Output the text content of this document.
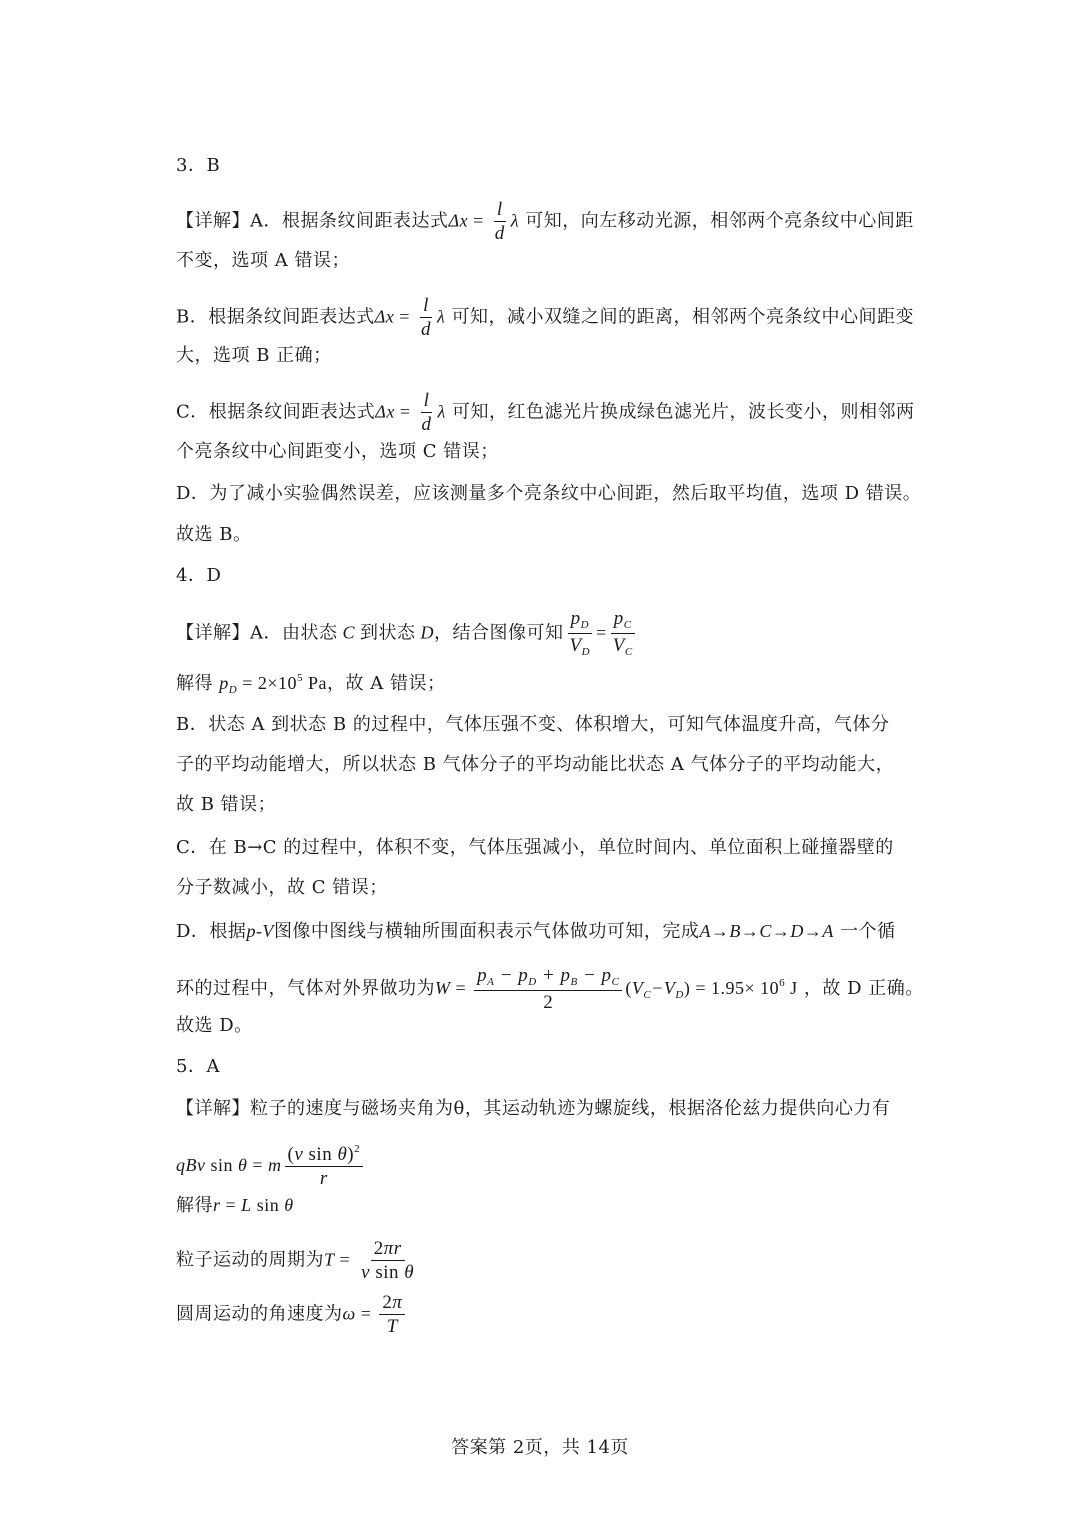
3．B
【详解】A．根据条纹间距表达式$\Delta x = \frac{l}{d}$ λ 可知，向左移动光源，相邻两个亮条纹中心间距
不变，选项 A 错误；
B．根据条纹间距表达式$\Delta x = \frac{l}{d}$ λ 可知，减小双缝之间的距离，相邻两个亮条纹中心间距变
大，选项 B 正确；
C．根据条纹间距表达式$\Delta x = \frac{l}{d}$ λ 可知，红色滤光片换成绿色滤光片，波长变小，则相邻两
个亮条纹中心间距变小，选项 C 错误；
D．为了减小实验偶然误差，应该测量多个亮条纹中心间距，然后取平均值，选项 D 错误。
故选 B。
4．D
【详解】A．由状态 C 到状态 D，结合图像可知 $\frac{p_D}{V_D} = \frac{p_C}{V_C}$
解得 $p_D = 2\times 10^5$ Pa，故 A 错误；
B．状态 A 到状态 B 的过程中，气体压强不变、体积增大，可知气体温度升高，气体分子的平均动能增大，所以状态 B 气体分子的平均动能比状态 A 气体分子的平均动能大，故 B 错误；
C．在 B→C 的过程中，体积不变，气体压强减小，单位时间内、单位面积上碰撞器壁的分子数减小，故 C 错误；
D．根据p-V图像中图线与横轴所围面积表示气体做功可知，完成A→B→C→D→A 一个循
环的过程中，气体对外界做功为$W = \frac{p_A - p_D + p_B - p_C}{2} (V_C-V_D) = 1.95\times 10^6$ J ，故 D 正确。
故选 D。
5．A
【详解】粒子的速度与磁场夹角为θ，其运动轨迹为螺旋线，根据洛伦兹力提供向心力有
qBv sin θ = m $\frac{(v \sin \theta)^2}{r}$
解得r = L sin θ
粒子运动的周期为$T = \frac{2\pi r}{\text{v sin θ}}$
圆周运动的角速度为$\omega = \frac{2\pi}{T}$
答案第 2页，共 14页
